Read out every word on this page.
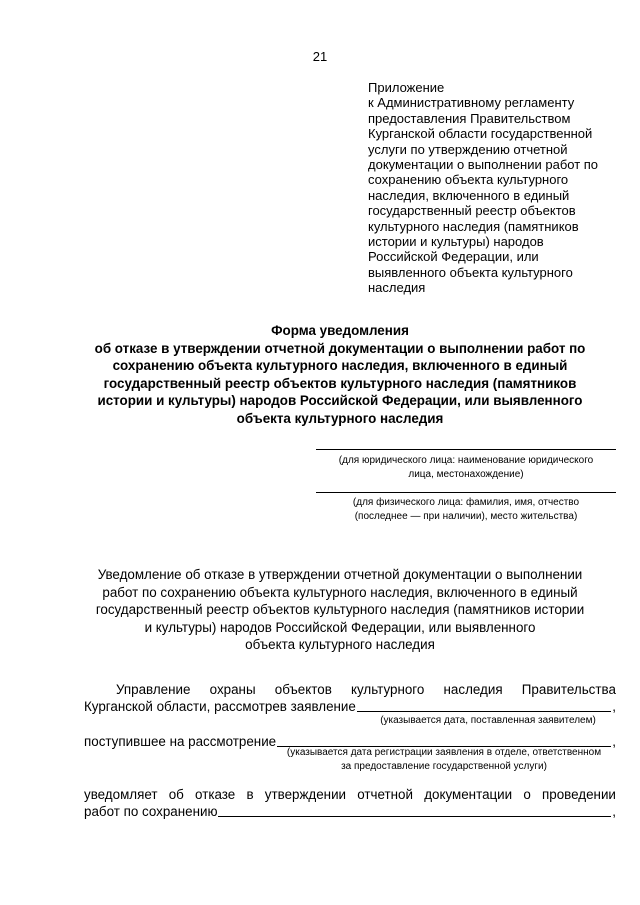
21
Приложение
к Административному регламенту
предоставления Правительством
Курганской области государственной
услуги по утверждению отчетной
документации о выполнении работ по
сохранению объекта культурного
наследия, включенного в единый
государственный реестр объектов
культурного наследия (памятников
истории и культуры) народов
Российской Федерации, или
выявленного объекта культурного
наследия
Форма уведомления
об отказе в утверждении отчетной документации о выполнении работ по
сохранению объекта культурного наследия, включенного в единый
государственный реестр объектов культурного наследия (памятников
истории и культуры) народов Российской Федерации, или выявленного
объекта культурного наследия
(для юридического лица: наименование юридического
лица, местонахождение)
(для физического лица: фамилия, имя, отчество
(последнее — при наличии), место жительства)
Уведомление об отказе в утверждении отчетной документации о выполнении
работ по сохранению объекта культурного наследия, включенного в единый
государственный реестр объектов культурного наследия (памятников истории
и культуры) народов Российской Федерации, или выявленного
объекта культурного наследия
Управление охраны объектов культурного наследия Правительства
Курганской области, рассмотрев заявление	,
(указывается дата, поставленная заявителем)
поступившее на рассмотрение	,
(указывается дата регистрации заявления в отделе, ответственном
за предоставление государственной услуги)
уведомляет об отказе в утверждении отчетной документации о проведении
работ по сохранению	,
